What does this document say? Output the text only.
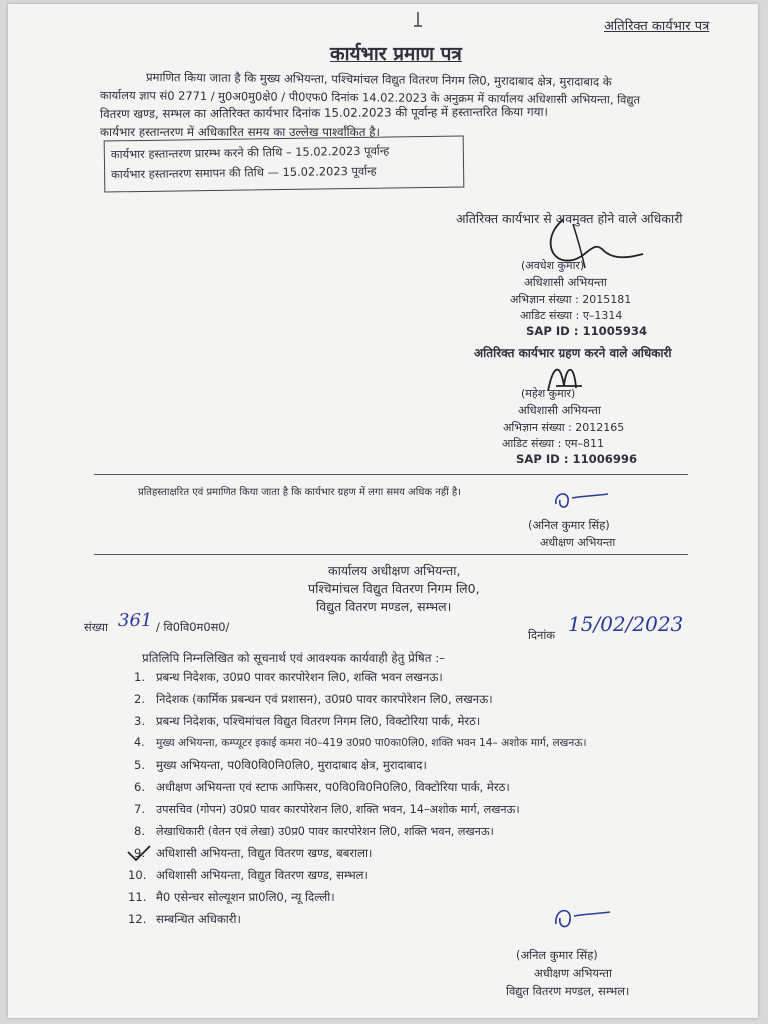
अतिरिक्त कार्यभार पत्र
कार्यभार प्रमाण पत्र
प्रमाणित किया जाता है कि मुख्य अभियन्ता, पश्चिमांचल विद्युत वितरण निगम लि0, मुरादाबाद क्षेत्र, मुरादाबाद के
कार्यालय ज्ञाप सं0 2771 / मु0अ0मु0क्षे0 / पी0एफ0 दिनांक 14.02.2023 के अनुक्रम में कार्यालय अधिशासी अभियन्ता, विद्युत
वितरण खण्ड, सम्भल का अतिरिक्त कार्यभार दिनांक 15.02.2023 की पूर्वान्ह में हस्तान्तरित किया गया।
कार्यभार हस्तान्तरण में अधिकारित समय का उल्लेख पार्श्वांकित है।
कार्यभार हस्तान्तरण प्रारम्भ करने की तिथि – 15.02.2023 पूर्वान्ह
कार्यभार हस्तान्तरण समापन की तिथि — 15.02.2023 पूर्वान्ह
अतिरिक्त कार्यभार से अवमुक्त होने वाले अधिकारी
(अवधेश कुमार)
अधिशासी अभियन्ता
अभिज्ञान संख्या : 2015181
आडिट संख्या : ए–1314
SAP ID : 11005934
अतिरिक्त कार्यभार ग्रहण करने वाले अधिकारी
(महेश कुमार)
अधिशासी अभियन्ता
अभिज्ञान संख्या : 2012165
आडिट संख्या : एम–811
SAP ID : 11006996
प्रतिहस्ताक्षरित एवं प्रमाणित किया जाता है कि कार्यभार ग्रहण में लगा समय अधिक नहीं है।
(अनिल कुमार सिंह)
अधीक्षण अभियन्ता
कार्यालय अधीक्षण अभियन्ता,
पश्चिमांचल विद्युत वितरण निगम लि0,
विद्युत वितरण मण्डल, सम्भल।
संख्या 361 / वि0वि0म0स0/
दिनांक 15/02/2023
प्रतिलिपि निम्नलिखित को सूचनार्थ एवं आवश्यक कार्यवाही हेतु प्रेषित :–
1. प्रबन्ध निदेशक, उ0प्र0 पावर कारपोरेशन लि0, शक्ति भवन लखनऊ।
2. निदेशक (कार्मिक प्रबन्धन एवं प्रशासन), उ0प्र0 पावर कारपोरेशन लि0, लखनऊ।
3. प्रबन्ध निदेशक, पश्चिमांचल विद्युत वितरण निगम लि0, विक्टोरिया पार्क, मेरठ।
4.	मुख्य अभियन्ता, कम्प्यूटर इकाई कमरा नं0–419 उ0प्र0 पा0का0लि0, शक्ति भवन 14– अशोक मार्ग, लखनऊ।
5. मुख्य अभियन्ता, प0वि0वि0नि0लि0, मुरादाबाद क्षेत्र, मुरादाबाद।
6. अधीक्षण अभियन्ता एवं स्टाफ आफिसर, प0वि0वि0नि0लि0, विक्टोरिया पार्क, मेरठ।
7. उपसचिव (गोपन) उ0प्र0 पावर कारपोरेशन लि0, शक्ति भवन, 14–अशोक मार्ग, लखनऊ।
8. लेखाधिकारी (वेतन एवं लेखा) उ0प्र0 पावर कारपोरेशन लि0, शक्ति भवन, लखनऊ।
9. अधिशासी अभियन्ता, विद्युत वितरण खण्ड, बबराला।
10. अधिशासी अभियन्ता, विद्युत वितरण खण्ड, सम्भल।
11. मै0 एसेन्चर सोल्यूशन प्रा0लि0, न्यू दिल्ली।
12. सम्बन्धित अधिकारी।
(अनिल कुमार सिंह)
अधीक्षण अभियन्ता
विद्युत वितरण मण्डल, सम्भल।
